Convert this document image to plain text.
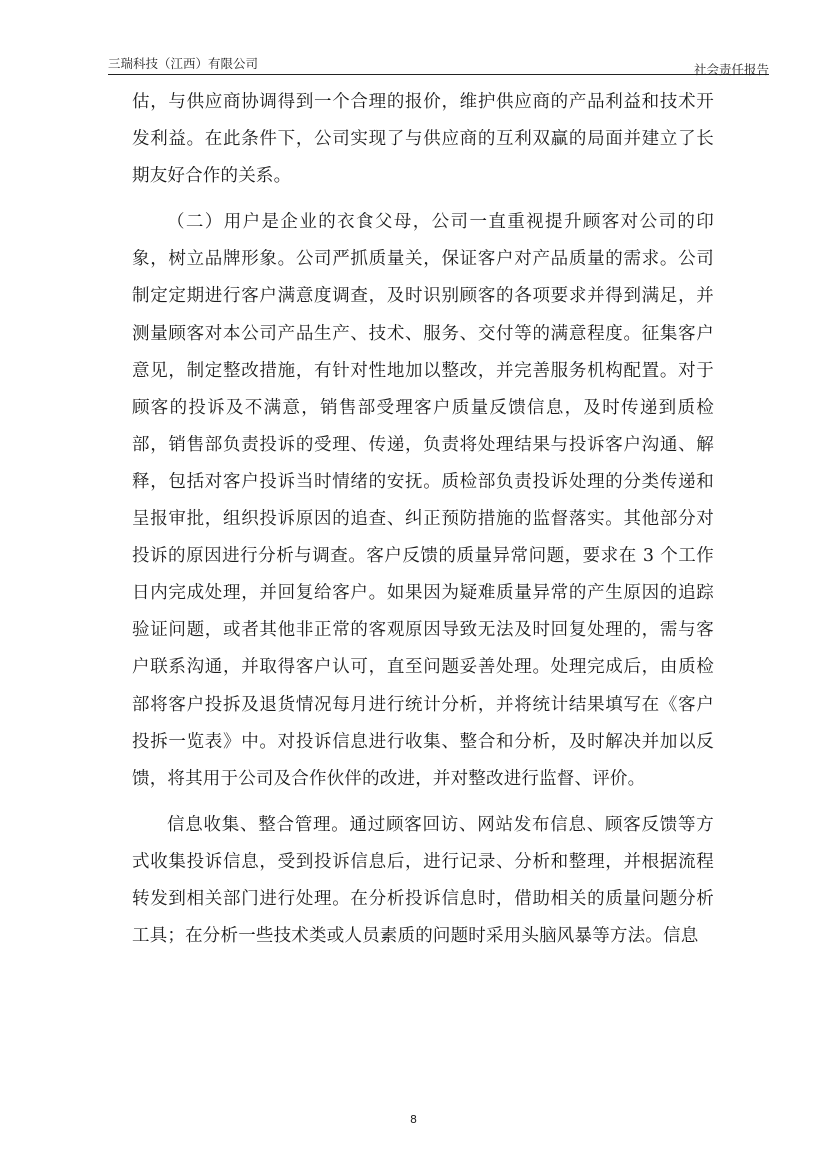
三瑞科技（江西）有限公司	社会责任报告

估，与供应商协调得到一个合理的报价，维护供应商的产品利益和技术开发利益。在此条件下，公司实现了与供应商的互利双赢的局面并建立了长期友好合作的关系。

（二）用户是企业的衣食父母，公司一直重视提升顾客对公司的印象，树立品牌形象。公司严抓质量关，保证客户对产品质量的需求。公司制定定期进行客户满意度调查，及时识别顾客的各项要求并得到满足，并测量顾客对本公司产品生产、技术、服务、交付等的满意程度。征集客户意见，制定整改措施，有针对性地加以整改，并完善服务机构配置。对于顾客的投诉及不满意，销售部受理客户质量反馈信息，及时传递到质检部，销售部负责投诉的受理、传递，负责将处理结果与投诉客户沟通、解释，包括对客户投诉当时情绪的安抚。质检部负责投诉处理的分类传递和呈报审批，组织投诉原因的追查、纠正预防措施的监督落实。其他部分对投诉的原因进行分析与调查。客户反馈的质量异常问题，要求在 3 个工作日内完成处理，并回复给客户。如果因为疑难质量异常的产生原因的追踪验证问题，或者其他非正常的客观原因导致无法及时回复处理的，需与客户联系沟通，并取得客户认可，直至问题妥善处理。处理完成后，由质检部将客户投拆及退货情况每月进行统计分析，并将统计结果填写在《客户投拆一览表》中。对投诉信息进行收集、整合和分析，及时解决并加以反馈，将其用于公司及合作伙伴的改进，并对整改进行监督、评价。

信息收集、整合管理。通过顾客回访、网站发布信息、顾客反馈等方式收集投诉信息，受到投诉信息后，进行记录、分析和整理，并根据流程转发到相关部门进行处理。在分析投诉信息时，借助相关的质量问题分析工具；在分析一些技术类或人员素质的问题时采用头脑风暴等方法。信息

8
